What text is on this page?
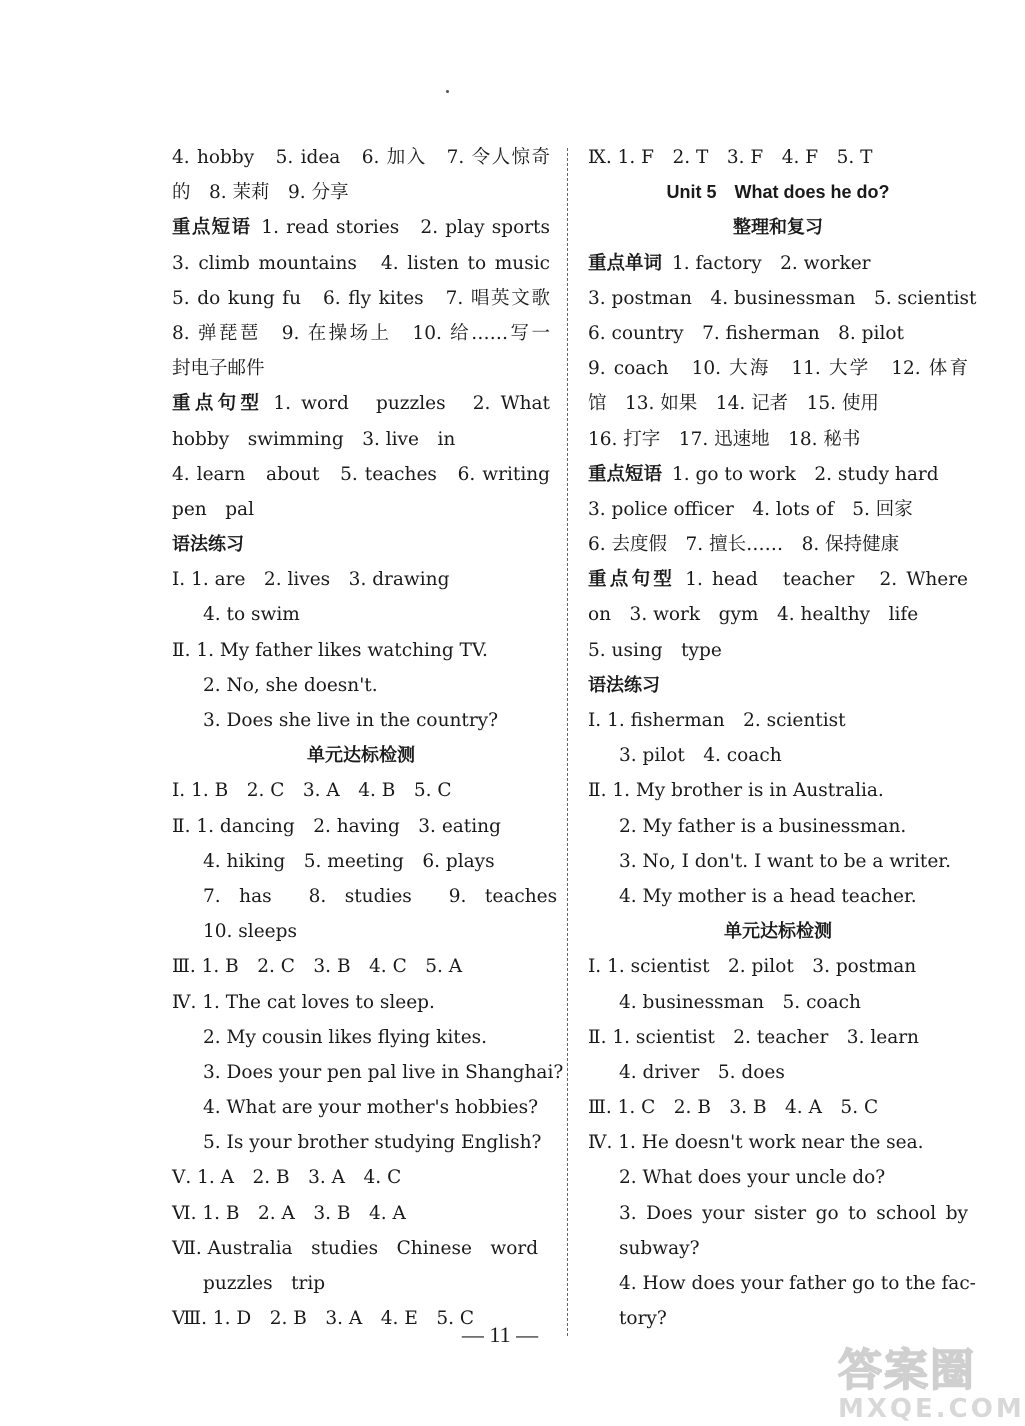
4. hobby　5. idea　6. 加入　7. 令人惊奇
的　8. 茉莉　9. 分享
重点短语 1. read stories　2. play sports
3. climb mountains　4. listen to music
5. do kung fu　6. fly kites　7. 唱英文歌
8. 弹琵琶　9. 在操场上　10. 给……写一
封电子邮件
重点句型 1. word　puzzles　2. What
hobby　swimming　3. live　in
4. learn　about　5. teaches　6. writing
pen　pal
语法练习
Ⅰ. 1. are　2. lives　3. drawing
4. to swim
Ⅱ. 1. My father likes watching TV.
2. No, she doesn't.
3. Does she live in the country?
单元达标检测
Ⅰ. 1. B　2. C　3. A　4. B　5. C
Ⅱ. 1. dancing　2. having　3. eating
4. hiking　5. meeting　6. plays
7.　has　　8.　studies　　9.　teaches
10. sleeps
Ⅲ. 1. B　2. C　3. B　4. C　5. A
Ⅳ. 1. The cat loves to sleep.
2. My cousin likes flying kites.
3. Does your pen pal live in Shanghai?
4. What are your mother's hobbies?
5. Is your brother studying English?
Ⅴ. 1. A　2. B　3. A　4. C
Ⅵ. 1. B　2. A　3. B　4. A
Ⅶ. Australia　studies　Chinese　word
puzzles　trip
Ⅷ. 1. D　2. B　3. A　4. E　5. C
Ⅸ. 1. F　2. T　3. F　4. F　5. T
Unit 5　What does he do?
整理和复习
重点单词 1. factory　2. worker
3. postman　4. businessman　5. scientist
6. country　7. fisherman　8. pilot
9. coach　10. 大海　11. 大学　12. 体育
馆　13. 如果　14. 记者　15. 使用
16. 打字　17. 迅速地　18. 秘书
重点短语 1. go to work　2. study hard
3. police officer　4. lots of　5. 回家
6. 去度假　7. 擅长……　8. 保持健康
重点句型 1. head　teacher　2. Where
on　3. work　gym　4. healthy　life
5. using　type
语法练习
Ⅰ. 1. fisherman　2. scientist
3. pilot　4. coach
Ⅱ. 1. My brother is in Australia.
2. My father is a businessman.
3. No, I don't. I want to be a writer.
4. My mother is a head teacher.
单元达标检测
Ⅰ. 1. scientist　2. pilot　3. postman
4. businessman　5. coach
Ⅱ. 1. scientist　2. teacher　3. learn
4. driver　5. does
Ⅲ. 1. C　2. B　3. B　4. A　5. C
Ⅳ. 1. He doesn't work near the sea.
2. What does your uncle do?
3. Does your sister go to school by
subway?
4. How does your father go to the fac-
tory?
— 11 —
答案圈
MXQE.COM
